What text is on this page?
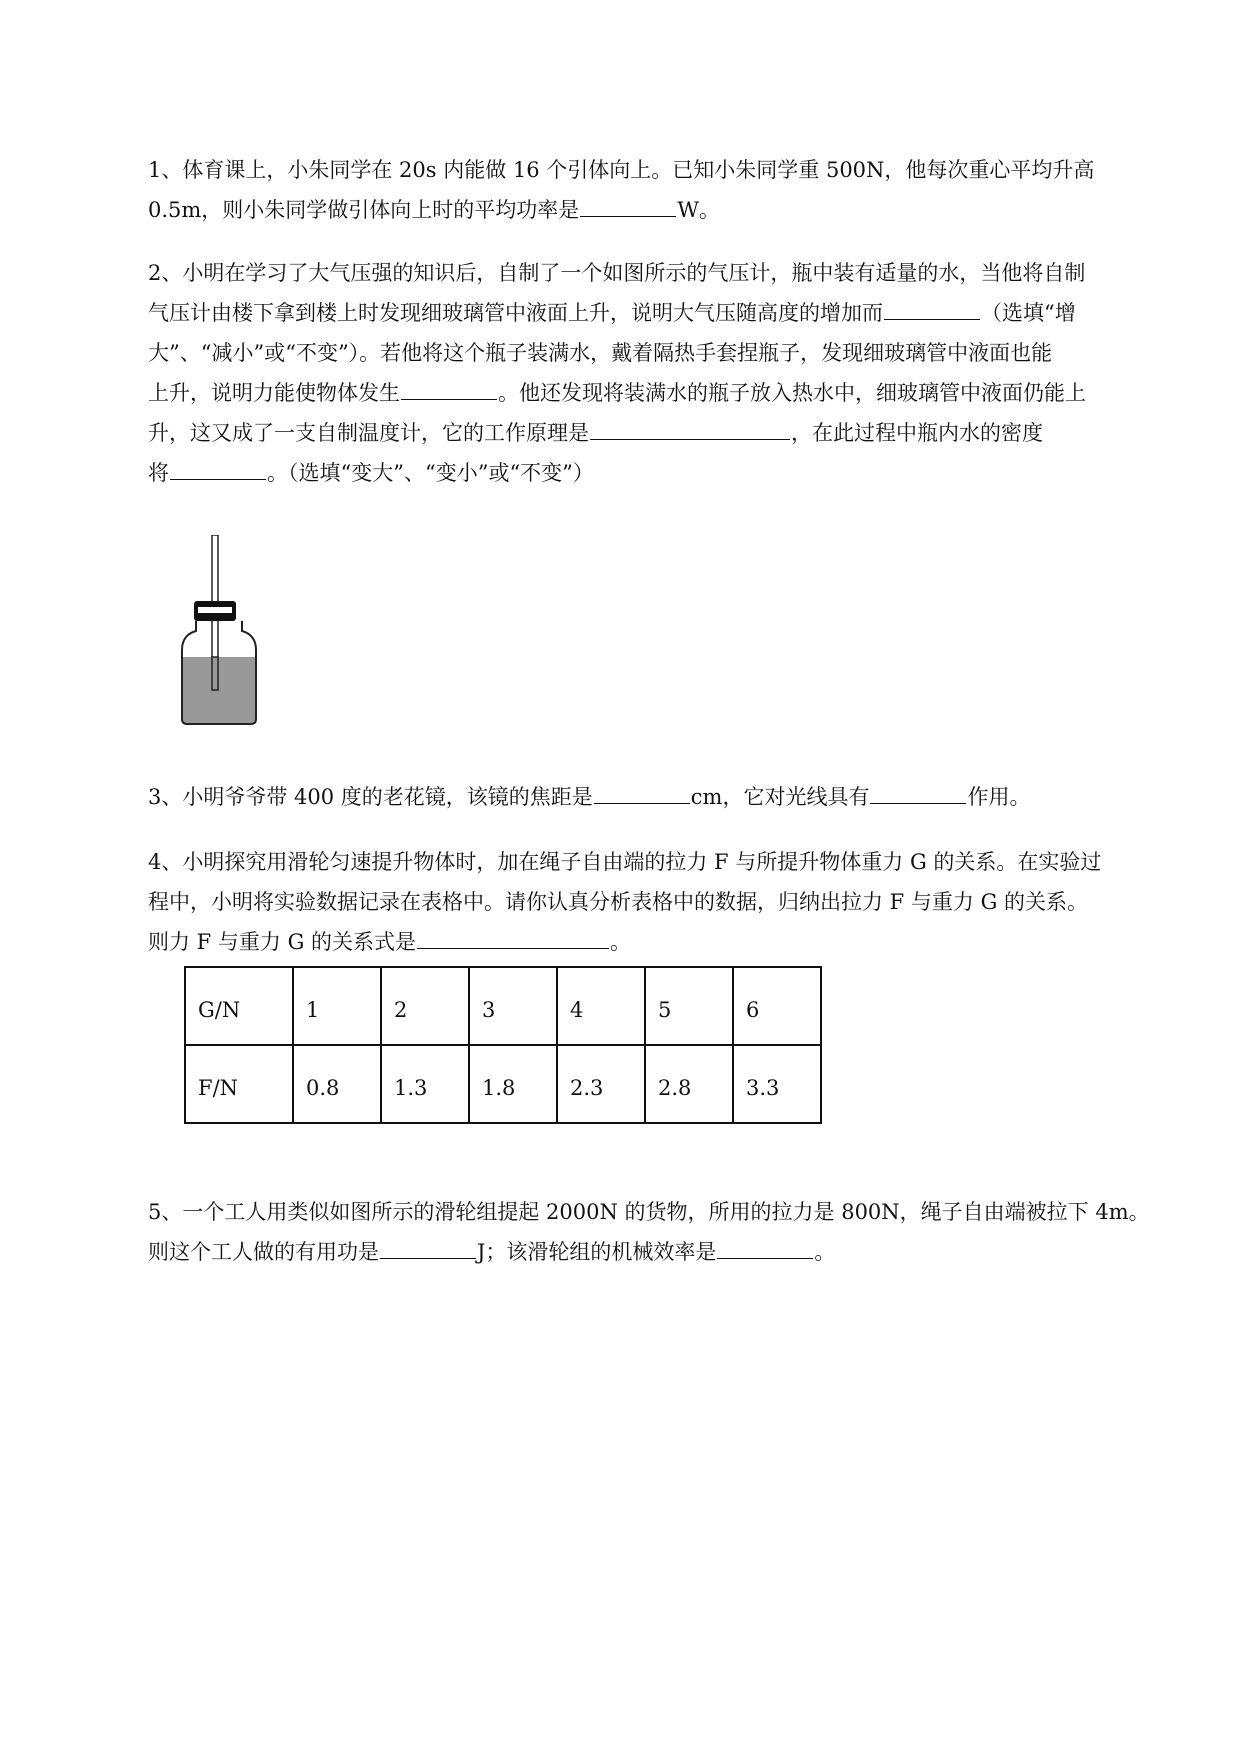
1、体育课上，小朱同学在 20s 内能做 16 个引体向上。已知小朱同学重 500N，他每次重心平均升高
0.5m，则小朱同学做引体向上时的平均功率是	W。
2、小明在学习了大气压强的知识后，自制了一个如图所示的气压计，瓶中装有适量的水，当他将自制
气压计由楼下拿到楼上时发现细玻璃管中液面上升，说明大气压随高度的增加而	（选填“增
大”、“减小”或“不变”）。若他将这个瓶子装满水，戴着隔热手套捏瓶子，发现细玻璃管中液面也能
上升，说明力能使物体发生	。他还发现将装满水的瓶子放入热水中，细玻璃管中液面仍能上
升，这又成了一支自制温度计，它的工作原理是	，在此过程中瓶内水的密度
将	。（选填“变大”、“变小”或“不变”）
3、小明爷爷带 400 度的老花镜，该镜的焦距是	cm，它对光线具有	作用。
4、小明探究用滑轮匀速提升物体时，加在绳子自由端的拉力 F 与所提升物体重力 G 的关系。在实验过
程中，小明将实验数据记录在表格中。请你认真分析表格中的数据，归纳出拉力 F 与重力 G 的关系。
则力 F 与重力 G 的关系式是	。
G/N	1	2	3	4	5	6
F/N	0.8	1.3	1.8	2.3	2.8	3.3
5、一个工人用类似如图所示的滑轮组提起 2000N 的货物，所用的拉力是 800N，绳子自由端被拉下 4m。
则这个工人做的有用功是	J；该滑轮组的机械效率是	。
